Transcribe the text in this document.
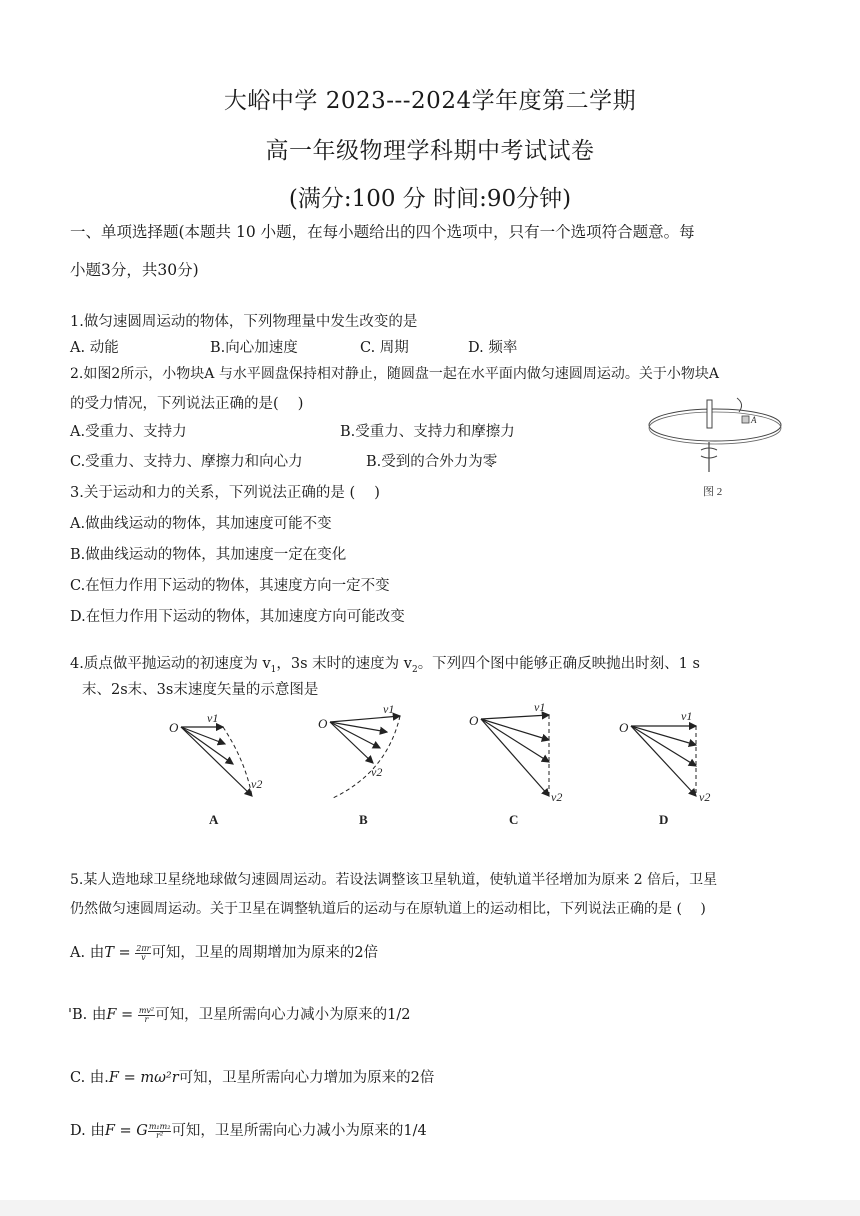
大峪中学 2023---2024学年度第二学期
高一年级物理学科期中考试试卷
(满分:100 分 时间:90分钟)
一、单项选择题(本题共 10 小题，在每小题给出的四个选项中，只有一个选项符合题意。每
小题3分，共30分)
1.做匀速圆周运动的物体，下列物理量中发生改变的是
A. 动能	B.向心加速度	C. 周期	D. 频率
2.如图2所示，小物块A 与水平圆盘保持相对静止，随圆盘一起在水平面内做匀速圆周运动。关于小物块A
的受力情况，下列说法正确的是(　 )
A.受重力、支持力	B.受重力、支持力和摩擦力
C.受重力、支持力、摩擦力和向心力	B.受到的合外力为零
A
图 2
3.关于运动和力的关系，下列说法正确的是 (　 )
A.做曲线运动的物体，其加速度可能不变
B.做曲线运动的物体，其加速度一定在变化
C.在恒力作用下运动的物体，其速度方向一定不变
D.在恒力作用下运动的物体，其加速度方向可能改变
4.质点做平抛运动的初速度为 $v_1$，3s 末时的速度为 $v_2$。下列四个图中能够正确反映抛出时刻、1 s
末、2s末、3s末速度矢量的示意图是
O
v1
v2
A
O
v1
v2
B
O
v1
v2
C
O
v1
v2
D
5.某人造地球卫星绕地球做匀速圆周运动。若设法调整该卫星轨道，使轨道半径增加为原来 2 倍后，卫星
仍然做匀速圆周运动。关于卫星在调整轨道后的运动与在原轨道上的运动相比，下列说法正确的是 (　 )
A. 由$T = \frac{2\pi r}{v}$ 可知，卫星的周期增加为原来的2倍
'B. 由$F = \frac{\text{mv²}}{r}$ 可知，卫星所需向心力减小为原来的1/2
C. 由.F = mω²r可知，卫星所需向心力增加为原来的2倍
D. 由F = G $\frac{\text{m₁m₂}}{\text{r²}}$ 可知，卫星所需向心力减小为原来的1/4
